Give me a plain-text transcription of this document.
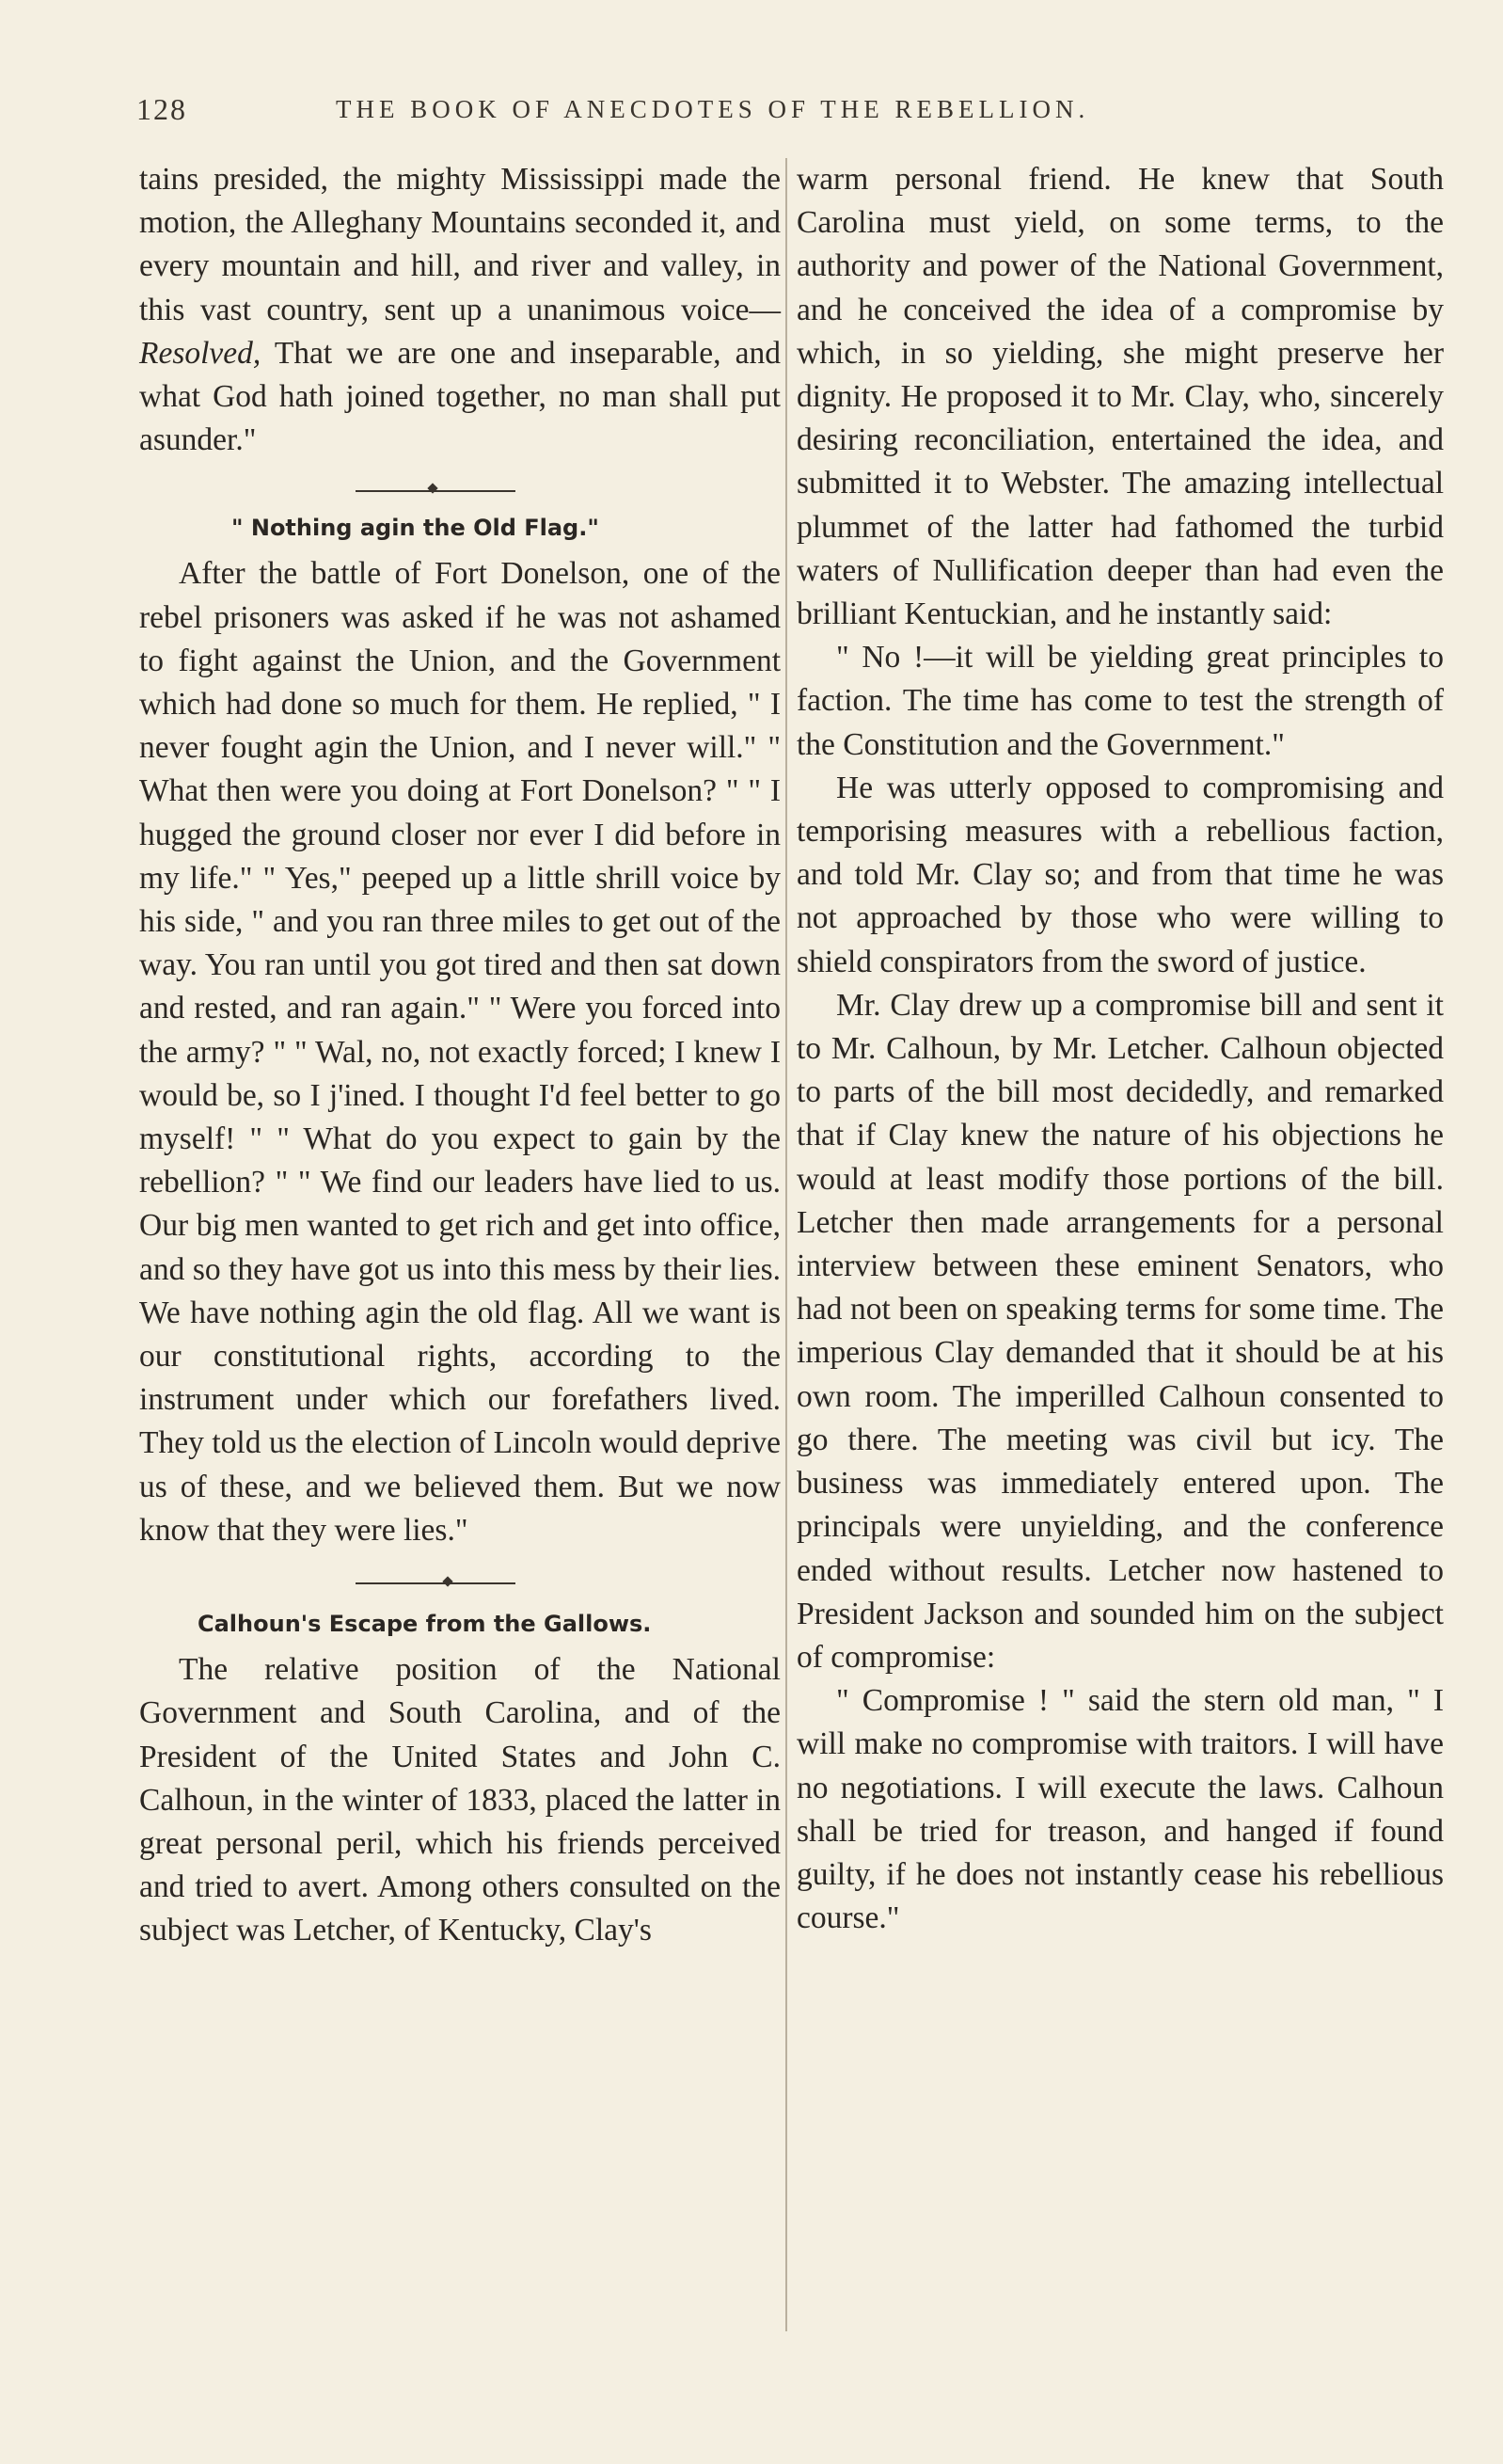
128	THE BOOK OF ANECDOTES OF THE REBELLION.

tains presided, the mighty Mississippi made the motion, the Alleghany Mountains seconded it, and every mountain and hill, and river and valley, in this vast country, sent up a unanimous voice—Resolved, That we are one and inseparable, and what God hath joined together, no man shall put asunder."

" Nothing agin the Old Flag."

After the battle of Fort Donelson, one of the rebel prisoners was asked if he was not ashamed to fight against the Union, and the Government which had done so much for them. He replied, " I never fought agin the Union, and I never will." " What then were you doing at Fort Donelson? " " I hugged the ground closer nor ever I did before in my life." " Yes," peeped up a little shrill voice by his side, " and you ran three miles to get out of the way. You ran until you got tired and then sat down and rested, and ran again." " Were you forced into the army? " " Wal, no, not exactly forced; I knew I would be, so I j'ined. I thought I'd feel better to go myself! " " What do you expect to gain by the rebellion? " " We find our leaders have lied to us. Our big men wanted to get rich and get into office, and so they have got us into this mess by their lies. We have nothing agin the old flag. All we want is our constitutional rights, according to the instrument under which our forefathers lived. They told us the election of Lincoln would deprive us of these, and we believed them. But we now know that they were lies."

Calhoun's Escape from the Gallows.

The relative position of the National Government and South Carolina, and of the President of the United States and John C. Calhoun, in the winter of 1833, placed the latter in great personal peril, which his friends perceived and tried to avert. Among others consulted on the subject was Letcher, of Kentucky, Clay's

warm personal friend. He knew that South Carolina must yield, on some terms, to the authority and power of the National Government, and he conceived the idea of a compromise by which, in so yielding, she might preserve her dignity. He proposed it to Mr. Clay, who, sincerely desiring reconciliation, entertained the idea, and submitted it to Webster. The amazing intellectual plummet of the latter had fathomed the turbid waters of Nullification deeper than had even the brilliant Kentuckian, and he instantly said:

" No !—it will be yielding great principles to faction. The time has come to test the strength of the Constitution and the Government."

He was utterly opposed to compromising and temporising measures with a rebellious faction, and told Mr. Clay so; and from that time he was not approached by those who were willing to shield conspirators from the sword of justice.

Mr. Clay drew up a compromise bill and sent it to Mr. Calhoun, by Mr. Letcher. Calhoun objected to parts of the bill most decidedly, and remarked that if Clay knew the nature of his objections he would at least modify those portions of the bill. Letcher then made arrangements for a personal interview between these eminent Senators, who had not been on speaking terms for some time. The imperious Clay demanded that it should be at his own room. The imperilled Calhoun consented to go there. The meeting was civil but icy. The business was immediately entered upon. The principals were unyielding, and the conference ended without results. Letcher now hastened to President Jackson and sounded him on the subject of compromise:

" Compromise ! " said the stern old man, " I will make no compromise with traitors. I will have no negotiations. I will execute the laws. Calhoun shall be tried for treason, and hanged if found guilty, if he does not instantly cease his rebellious course."
